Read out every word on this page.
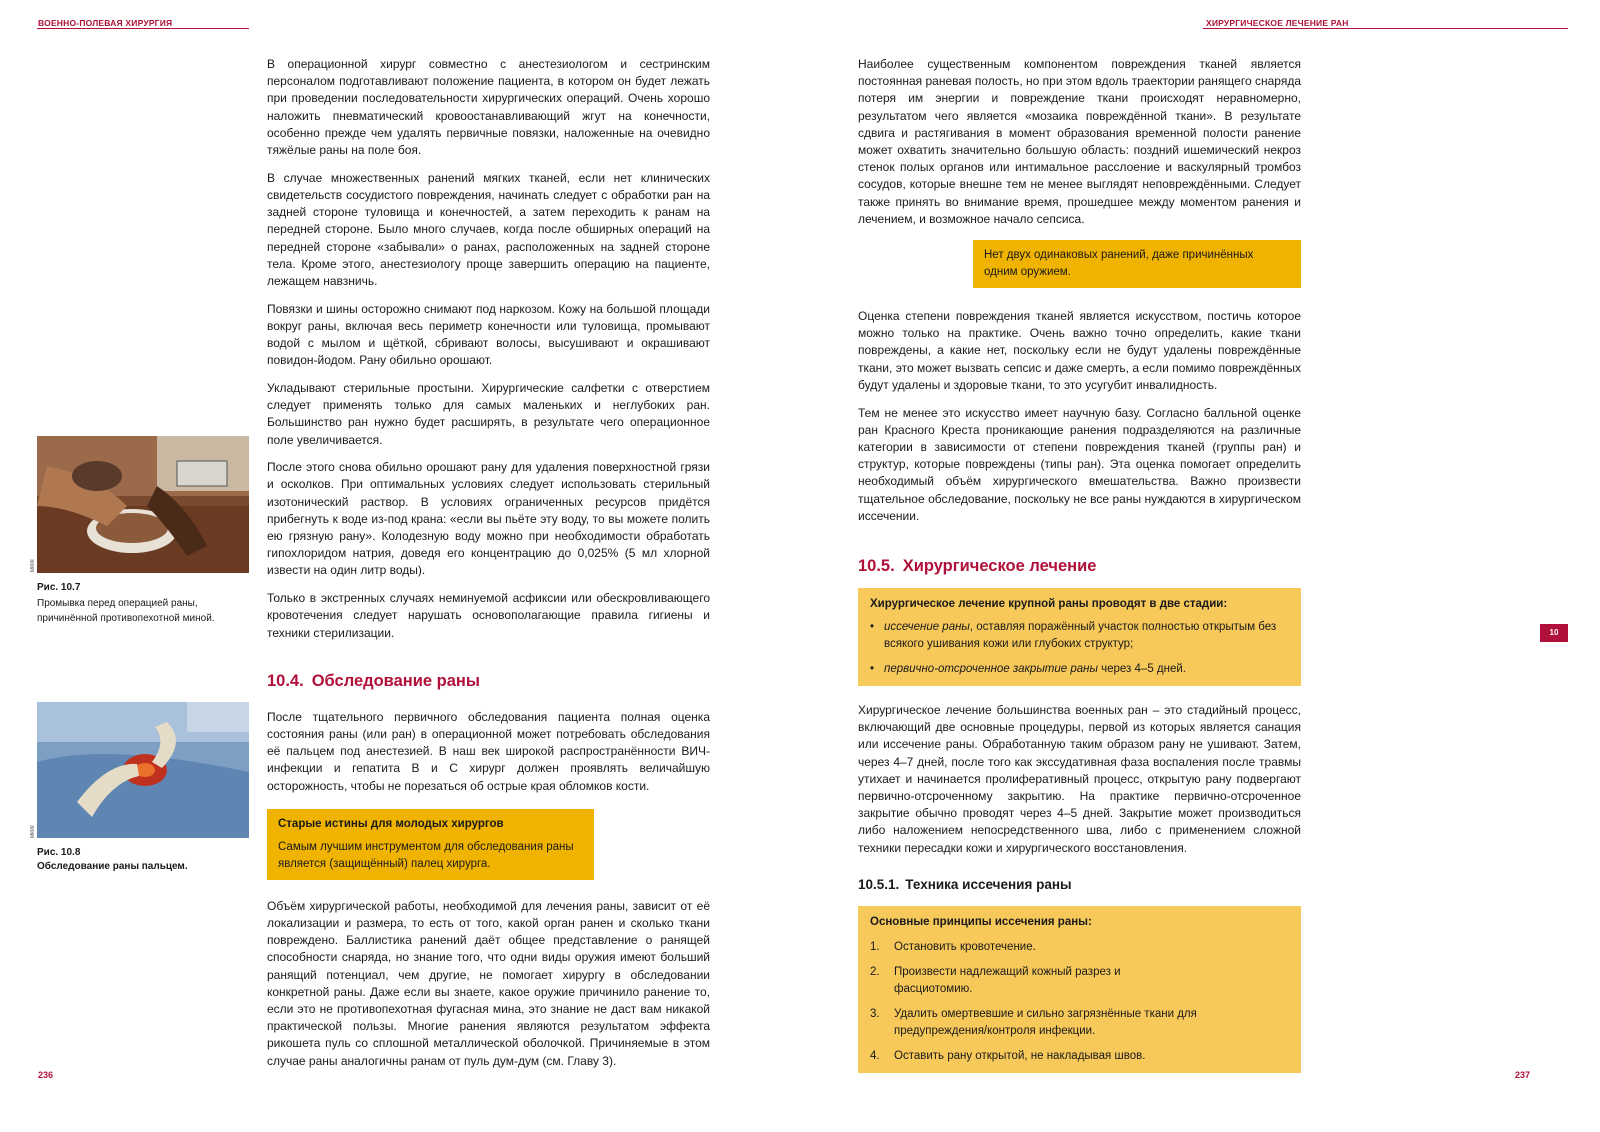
ВОЕННО-ПОЛЕВАЯ ХИРУРГИЯ	ХИРУРГИЧЕСКОЕ ЛЕЧЕНИЕ РАН

В операционной хирург совместно с анестезиологом и сестринским персоналом подготавливают положение пациента, в котором он будет лежать при проведении последовательности хирургических операций. Очень хорошо наложить пневматический кровоостанавливающий жгут на конечности, особенно прежде чем удалять первичные повязки, наложенные на очевидно тяжёлые раны на поле боя.

В случае множественных ранений мягких тканей, если нет клинических свидетельств сосудистого повреждения, начинать следует с обработки ран на задней стороне туловища и конечностей, а затем переходить к ранам на передней стороне. Было много случаев, когда после обширных операций на передней стороне «забывали» о ранах, расположенных на задней стороне тела. Кроме этого, анестезиологу проще завершить операцию на пациенте, лежащем навзничь.

Повязки и шины осторожно снимают под наркозом. Кожу на большой площади вокруг раны, включая весь периметр конечности или туловища, промывают водой с мылом и щёткой, сбривают волосы, высушивают и окрашивают повидон-йодом. Рану обильно орошают.

Укладывают стерильные простыни. Хирургические салфетки с отверстием следует применять только для самых маленьких и неглубоких ран. Большинство ран нужно будет расширять, в результате чего операционное поле увеличивается.

После этого снова обильно орошают рану для удаления поверхностной грязи и осколков. При оптимальных условиях следует использовать стерильный изотонический раствор. В условиях ограниченных ресурсов придётся прибегнуть к воде из-под крана: «если вы пьёте эту воду, то вы можете полить ею грязную рану». Колодезную воду можно при необходимости обработать гипохлоридом натрия, доведя его концентрацию до 0,025% (5 мл хлорной извести на один литр воды).

Только в экстренных случаях неминуемой асфиксии или обескровливающего кровотечения следует нарушать основополагающие правила гигиены и техники стерилизации.

10.4. Обследование раны

После тщательного первичного обследования пациента полная оценка состояния раны (или ран) в операционной может потребовать обследования её пальцем под анестезией. В наш век широкой распространённости ВИЧ-инфекции и гепатита В и С хирург должен проявлять величайшую осторожность, чтобы не порезаться об острые края обломков кости.

Старые истины для молодых хирургов
Самым лучшим инструментом для обследования раны является (защищённый) палец хирурга.

Объём хирургической работы, необходимой для лечения раны, зависит от её локализации и размера, то есть от того, какой орган ранен и сколько ткани повреждено. Баллистика ранений даёт общее представление о ранящей способности снаряда, но знание того, что одни виды оружия имеют больший ранящий потенциал, чем другие, не помогает хирургу в обследовании конкретной раны. Даже если вы знаете, какое оружие причинило ранение то, если это не противопехотная фугасная мина, это знание не даст вам никакой практической пользы. Многие ранения являются результатом эффекта рикошета пуль со сплошной металлической оболочкой. Причиняемые в этом случае раны аналогичны ранам от пуль дум-дум (см. Главу 3).

МККК
Рис. 10.7
Промывка перед операцией раны, причинённой противопехотной миной.
МККК
Рис. 10.8
Обследование раны пальцем.
236

Наиболее существенным компонентом повреждения тканей является постоянная раневая полость, но при этом вдоль траектории ранящего снаряда потеря им энергии и повреждение ткани происходят неравномерно, результатом чего является «мозаика повреждённой ткани». В результате сдвига и растягивания в момент образования временной полости ранение может охватить значительно большую область: поздний ишемический некроз стенок полых органов или интимальное расслоение и васкулярный тромбоз сосудов, которые внешне тем не менее выглядят неповреждёнными. Следует также принять во внимание время, прошедшее между моментом ранения и лечением, и возможное начало сепсиса.

Нет двух одинаковых ранений, даже причинённых одним оружием.

Оценка степени повреждения тканей является искусством, постичь которое можно только на практике. Очень важно точно определить, какие ткани повреждены, а какие нет, поскольку если не будут удалены повреждённые ткани, это может вызвать сепсис и даже смерть, а если помимо повреждённых будут удалены и здоровые ткани, то это усугубит инвалидность.

Тем не менее это искусство имеет научную базу. Согласно балльной оценке ран Красного Креста проникающие ранения подразделяются на различные категории в зависимости от степени повреждения тканей (группы ран) и структур, которые повреждены (типы ран). Эта оценка помогает определить необходимый объём хирургического вмешательства. Важно произвести тщательное обследование, поскольку не все раны нуждаются в хирургическом иссечении.

10.5. Хирургическое лечение
Хирургическое лечение крупной раны проводят в две стадии:
• иссечение раны, оставляя поражённый участок полностью открытым без всякого ушивания кожи или глубоких структур;
• первично-отсроченное закрытие раны через 4–5 дней.

Хирургическое лечение большинства военных ран – это стадийный процесс, включающий две основные процедуры, первой из которых является санация или иссечение раны. Обработанную таким образом рану не ушивают. Затем, через 4–7 дней, после того как экссудативная фаза воспаления после травмы утихает и начинается пролиферативный процесс, открытую рану подвергают первично-отсроченному закрытию. На практике первично-отсроченное закрытие обычно проводят через 4–5 дней. Закрытие может производиться либо наложением непосредственного шва, либо с применением сложной техники пересадки кожи и хирургического восстановления.

10.5.1. Техника иссечения раны
Основные принципы иссечения раны:
1. Остановить кровотечение.
2. Произвести надлежащий кожный разрез и фасциотомию.
3. Удалить омертвевшие и сильно загрязнённые ткани для предупреждения/контроля инфекции.
4. Оставить рану открытой, не накладывая швов.
10
237
